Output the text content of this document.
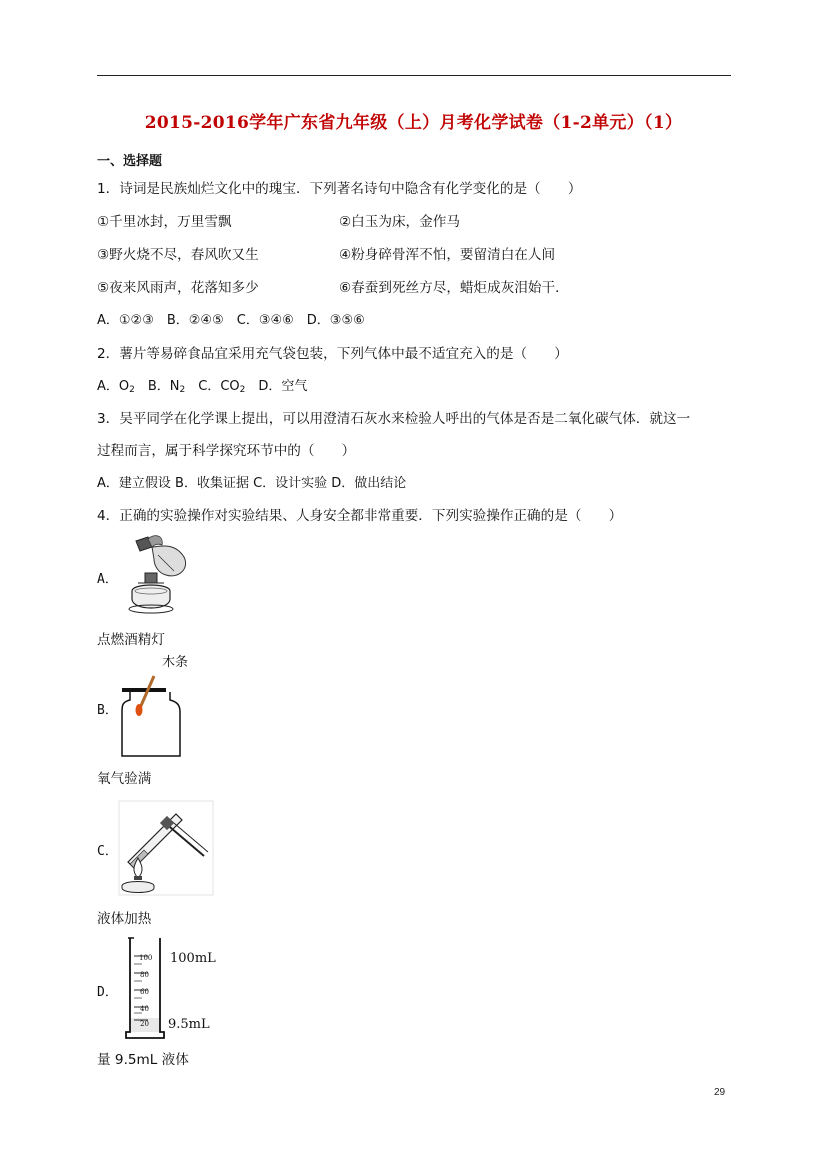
2015-2016学年广东省九年级（上）月考化学试卷（1-2单元）（1）
一、选择题
1．诗词是民族灿烂文化中的瑰宝．下列著名诗句中隐含有化学变化的是（　　）
①千里冰封，万里雪飘	②白玉为床，金作马
③野火烧不尽，春风吹又生	④粉身碎骨浑不怕，要留清白在人间
⑤夜来风雨声，花落知多少	⑥春蚕到死丝方尽，蜡炬成灰泪始干．
A．①②③　B．②④⑤　C．③④⑥　D．③⑤⑥
2．薯片等易碎食品宜采用充气袋包装，下列气体中最不适宜充入的是（　　）
A．$O_2$　B．$N_2$　C．$CO_2$　D．空气
3．吴平同学在化学课上提出，可以用澄清石灰水来检验人呼出的气体是否是二氧化碳气体．就这一
过程而言，属于科学探究环节中的（　　）
A．建立假设 B．收集证据 C．设计实验 D．做出结论
4．正确的实验操作对实验结果、人身安全都非常重要．下列实验操作正确的是（　　）
A．
点燃酒精灯
B．
木条
氧气验满
C．
液体加热
D．
100
80
60
40
20
100mL
9.5mL
量 9.5mL 液体
29
